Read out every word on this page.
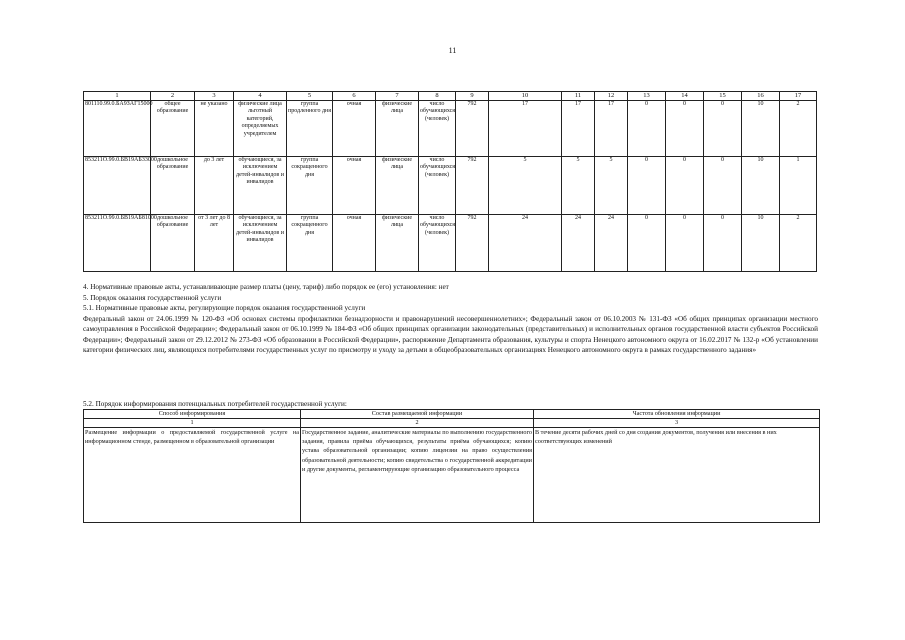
11
1	2	3	4	5	6	7	8	9	10	11	12	13	14	15	16	17
801110.99.0.БА9ЗАГ15000	общее образование	не указано	физические лица льготный категорий, определяемых учредителем	группа продленного дня	очная	физические лица	число обучающихся (человек)	792	17	17	17	0	0	0	10	2
853211О.99.0.БВ19АБ33000	дошкольное образование	до 3 лет	обучающиеся, за исключением детей-инвалидов и инвалидов	группа сокращенного дня	очная	физические лица	число обучающихся (человек)	792	5	5	5	0	0	0	10	1
853211О.99.0.БВ19АБ81000	дошкольное образование	от 3 лет до 8 лет	обучающиеся, за исключением детей-инвалидов и инвалидов	группа сокращенного дня	очная	физические лица	число обучающихся (человек)	792	24	24	24	0	0	0	10	2

4. Нормативные правовые акты, устанавливающие размер платы (цену, тариф) либо порядок ее (его) установления: нет

5. Порядок оказания государственной услуги

5.1. Нормативные правовые акты, регулирующие порядок оказания государственной услуги

Федеральный закон от 24.06.1999 № 120-ФЗ «Об основах системы профилактики безнадзорности и правонарушений несовершеннолетних»; Федеральный закон от 06.10.2003 № 131-ФЗ «Об общих принципах организации местного самоуправления в Российской Федерации»; Федеральный закон от 06.10.1999 № 184-ФЗ «Об общих принципах организации законодательных (представительных) и исполнительных органов государственной власти субъектов Российской Федерации»; Федеральный закон от 29.12.2012 № 273-ФЗ «Об образовании в Российской Федерации», распоряжение Департамента образования, культуры и спорта Ненецкого автономного округа от 16.02.2017 № 132-р «Об установлении категории физических лиц, являющихся потребителями государственных услуг по присмотру и уходу за детьми в общеобразовательных организациях Ненецкого автономного округа в рамках государственного задания»

5.2. Порядок информирования потенциальных потребителей государственной услуги:
Способ информирования	Состав размещаемой информации	Частота обновления информации
1	2	3
Размещение информации о предоставляемой государственной услуге на информационном стенде, размещенном в образовательной организации	Государственное задание, аналитические материалы по выполнению государственного задания, правила приёма обучающихся, результаты приёма обучающихся; копию устава образовательной организации; копию лицензии на право осуществления образовательной деятельности; копию свидетельства о государственной аккредитации и другие документы, регламентирующие организацию образовательного процесса	В течение десяти рабочих дней со дня создания документов, получения или внесения в них соответствующих изменений
